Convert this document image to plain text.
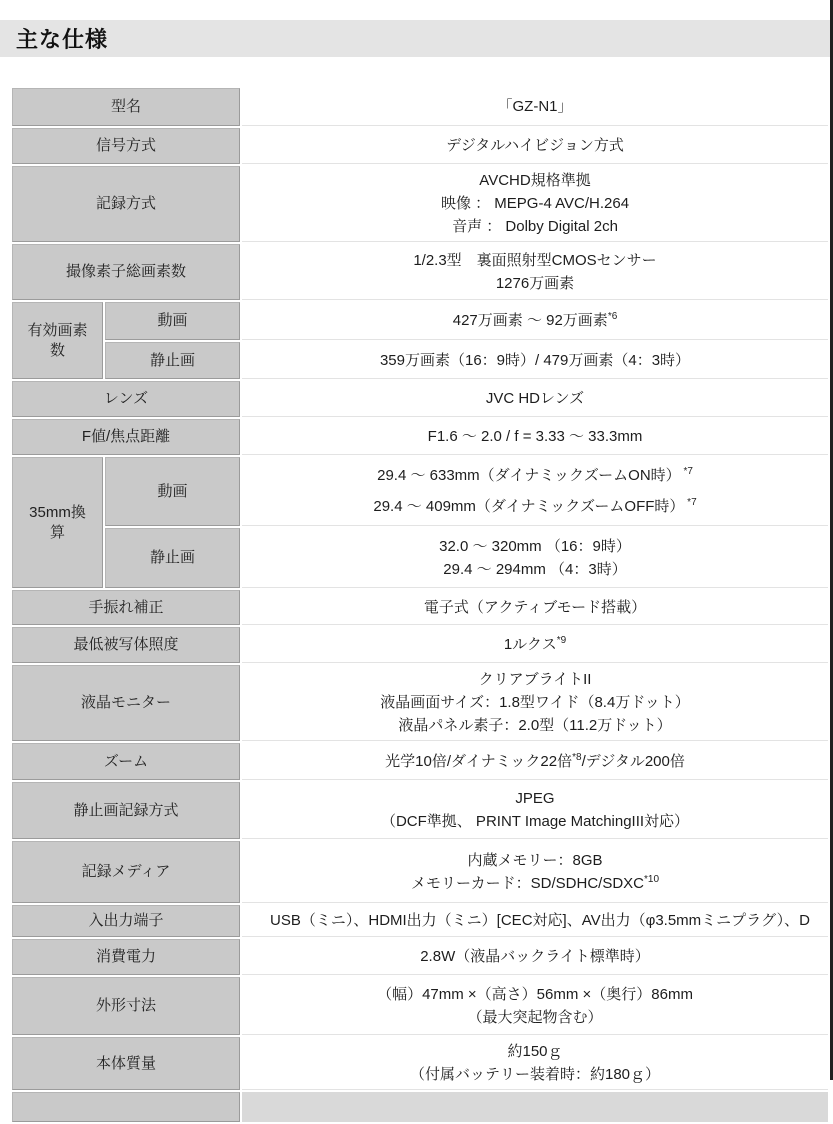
主な仕様
型名		「GZ-N1」

信号方式		デジタルハイビジョン方式

記録方式		AVCHD規格準拠
映像 ： MEPG-4 AVC/H.264
音声 ： Dolby Digital 2ch

撮像素子総画素数		1/2.3型　裏面照射型CMOSセンサー
1276万画素

有効画素数	動画	427万画素 ～ 92万画素$^{*6}$

	静止画	359万画素（16：9時）/ 479万画素（4：3時）

レンズ		JVC HDレンズ

F値/焦点距離		F1.6 ～ 2.0 / f = 3.33 ～ 33.3mm

35mm換算	動画	29.4 ～ 633mm（ダイナミックズームON時） $^{*7}$
29.4 ～ 409mm（ダイナミックズームOFF時） $^{*7}$

	静止画	32.0 ～ 320mm （16：9時）
29.4 ～ 294mm （4：3時）

手振れ補正		電子式（アクティブモード搭載）

最低被写体照度		1ルクス$^{*9}$

液晶モニター		クリアブライトII
液晶画面サイズ：1.8型ワイド（8.4万ドット）
液晶パネル素子：2.0型（11.2万ドット）

ズーム		光学10倍/ダイナミック22倍$^{*8}$/デジタル200倍

静止画記録方式		JPEG
（DCF準拠、 PRINT Image MatchingIII対応）

記録メディア		内蔵メモリー：8GB
メモリーカード：SD/SDHC/SDXC$^{*10}$

入出力端子		USB（ミニ）、HDMI出力（ミニ）[CEC対応]、AV出力（φ3.5mmミニプラグ）、D

消費電力		2.8W（液晶バックライト標準時）

外形寸法		（幅）47mm ×（高さ）56mm ×（奥行）86mm
（最大突起物含む）

本体質量		約150ｇ
（付属バッテリー装着時：約180ｇ）
